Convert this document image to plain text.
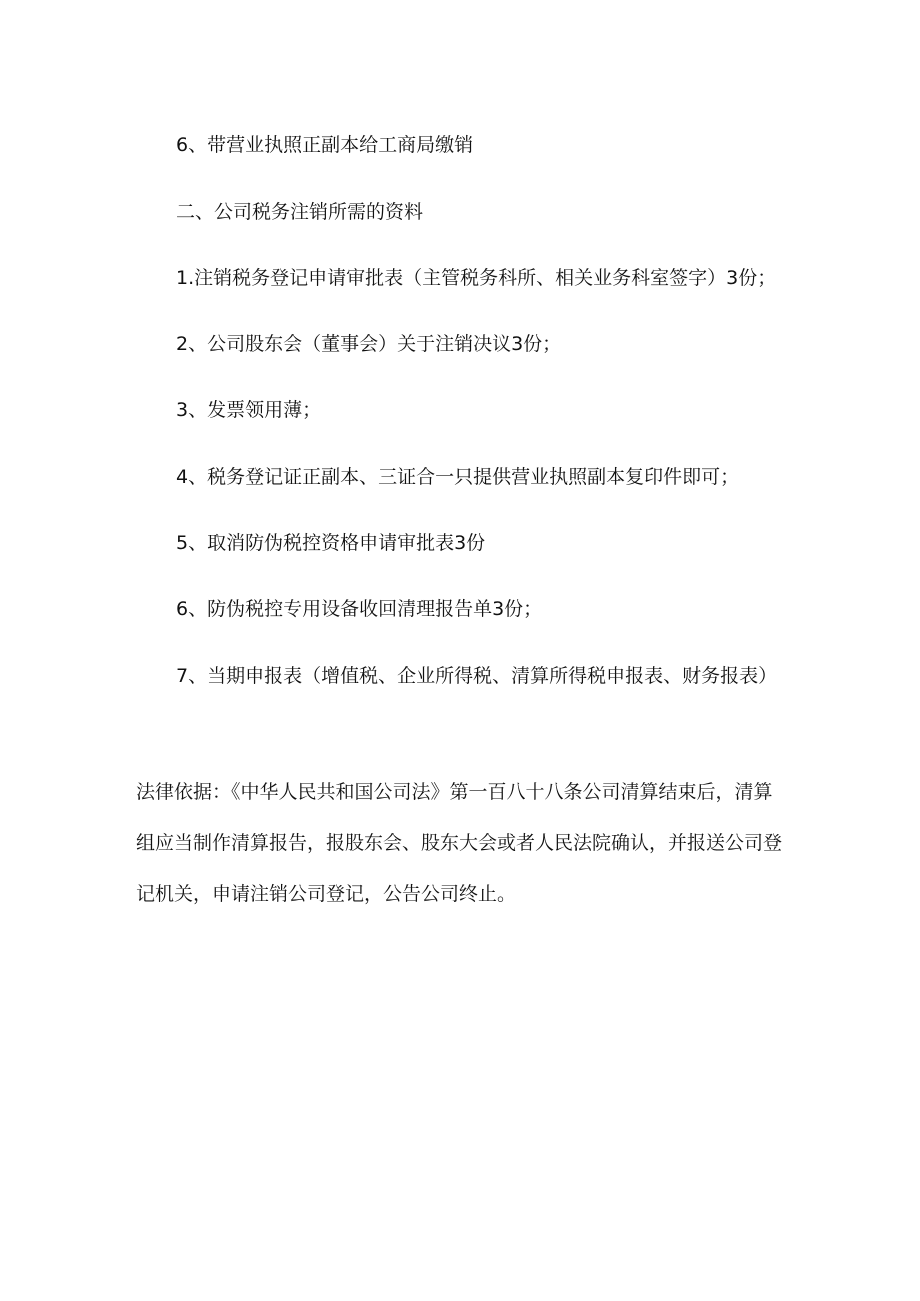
6、带营业执照正副本给工商局缴销

二、公司税务注销所需的资料

1.注销税务登记申请审批表（主管税务科所、相关业务科室签字）3份；

2、公司股东会（董事会）关于注销决议3份；

3、发票领用薄；

4、税务登记证正副本、三证合一只提供营业执照副本复印件即可；

5、取消防伪税控资格申请审批表3份

6、防伪税控专用设备收回清理报告单3份；

7、当期申报表（增值税、企业所得税、清算所得税申报表、财务报表）

法律依据：《中华人民共和国公司法》第一百八十八条公司清算结束后，清算组应当制作清算报告，报股东会、股东大会或者人民法院确认，并报送公司登记机关，申请注销公司登记，公告公司终止。
